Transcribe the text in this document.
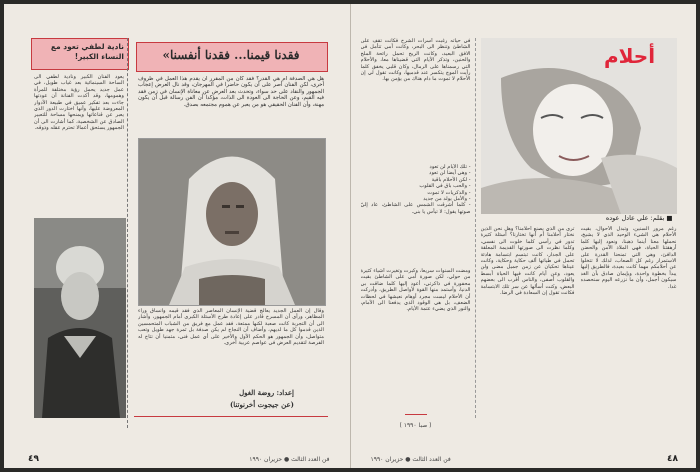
نادية لطفي تعود مع النساء الكبير!
يعود الفنان الكبير ونادية لطفي الى الساحة السينمائية بعد غياب طويل، في عمل جديد يحمل رؤية مختلفة للمرأة وهمومها، وقد أكدت الفنانة أن عودتها جاءت بعد تفكير عميق في طبيعة الأدوار المعروضة عليها، وأنها اختارت الدور الذي يعبر عن قناعاتها ويمنحها مساحة للتعبير الصادق عن الشخصية، كما أشارت الى أن الجمهور يستحق أعمالا تحترم عقله وذوقه.
فقدنا قيمنا... فقدنا أنفسنا»
هل هي الصدفة أم هي القدر؟ فقد كان من المقرر أن يقدم هذا العمل في ظروف أخرى، لكن الفنان أصر على أن يكون حاضرا في المهرجان، وقد نال العرض إعجاب الجمهور والنقاد على حد سواء، وتحدث بعد العرض عن معاناة الإنسان في زمن فقد فيه القيم، وعن الحاجة الى العودة الى الذات، مؤكدا أن الفن رسالة قبل أن يكون مهنة، وأن الفنان الحقيقي هو من يعبر عن هموم مجتمعه بصدق.
وقال إن العمل الجديد يعالج قضية الإنسان المعاصر الذي فقد قيمه وانساق وراء المظاهر، ورأى أن المسرح قادر على إعادة طرح الأسئلة الكبرى أمام الجمهور، وأشار الى أن التجربة كانت صعبة لكنها ممتعة، فقد عمل مع فريق من الشباب المتحمسين الذين قدموا كل ما لديهم، وأضاف أن النجاح لم يكن صدفة بل ثمرة جهد طويل وتعب متواصل، وأن الجمهور هو الحكم الأول والأخير على أي عمل فني، متمنيا أن تتاح له الفرصة لتقديم العرض في عواصم عربية أخرى.
إعداد: روضة الغول
(عن جيجوت أخرنوتنا)
فن العدد الثالث ● حزيران ١٩٩٠
٤٩
في حياته رغبت أسرات الشرح فكانت تقف على الشاطئ وتنظر الى البحر، وكانت أمي تتأمل في الافق البعيد، وكانت الريح تحمل رائحة الملح والحنين، وتذكر الأيام التي قضيناها معا، والأحلام التي رسمناها على الرمال، وكان قلبي يخفق كلما رأيت الموج يتكسر عند قدميها، وكانت تقول لي إن الأحلام لا تموت ما دام هناك من يؤمن بها.
- تلك الأيام لن تعود
- وهي أيضا لن تعود
- لكن الأحلام باقية
- والحب باق في القلوب
- والذكريات لا تموت
- والأمل يولد من جديد
- كلما أشرقت الشمس على الشاطئ، عاد إليّ صوتها يقول: لا تيأس يا بني.
ومضت السنوات سريعا، وكبرت وتغيرت أشياء كثيرة من حولي، لكن صورة أمي على الشاطئ بقيت محفورة في ذاكرتي، أعود إليها كلما ضاقت بي الدنيا، وأستمد منها القوة لأواصل الطريق، وأدركت أن الأحلام ليست مجرد أوهام نعيشها في لحظات الضعف، بل هي الوقود الذي يدفعنا الى الأمام، والنور الذي يضيء عتمة الأيام.
( صبا ١٩٩٠ )
أحلام
■ بقلم: علي عادل عوده
ترى من الذي يصنع أحلامنا؟ وهل نحن الذين نختار أحلامنا أم أنها تختارنا؟ أسئلة كثيرة تدور في رأسي كلما خلوت الى نفسي، وكلما نظرت الى صورتها القديمة المعلقة على الجدار، كانت تبتسم ابتسامة هادئة تحمل في طياتها ألف حكاية وحكاية، وكانت عيناها تحكيان عن زمن جميل مضى ولن يعود، وعن أيام كانت فيها الحياة أبسط والقلوب أصفى، والناس أقرب الى بعضهم البعض، وكنت أسألها عن سر تلك الابتسامة فكانت تقول إن السعادة في الرضا.
رغم مرور السنين، وتبدل الأحوال، بقيت الأحلام هي الشيء الوحيد الذي لا يشيخ، نحملها معنا أينما ذهبنا، ونعود إليها كلما أرهقتنا الحياة، فهي الملاذ الآمن والحضن الدافئ، وهي التي تمنحنا القدرة على الاستمرار رغم كل الصعاب، لذلك لا تتخلوا عن أحلامكم مهما كانت بعيدة، فالطريق إليها يبدأ بخطوة واحدة، وبإيمان صادق بأن الغد سيكون أجمل، وأن ما نزرعه اليوم سنحصده غدا.
فن العدد الثالث ● حزيران ١٩٩٠	٤٨
